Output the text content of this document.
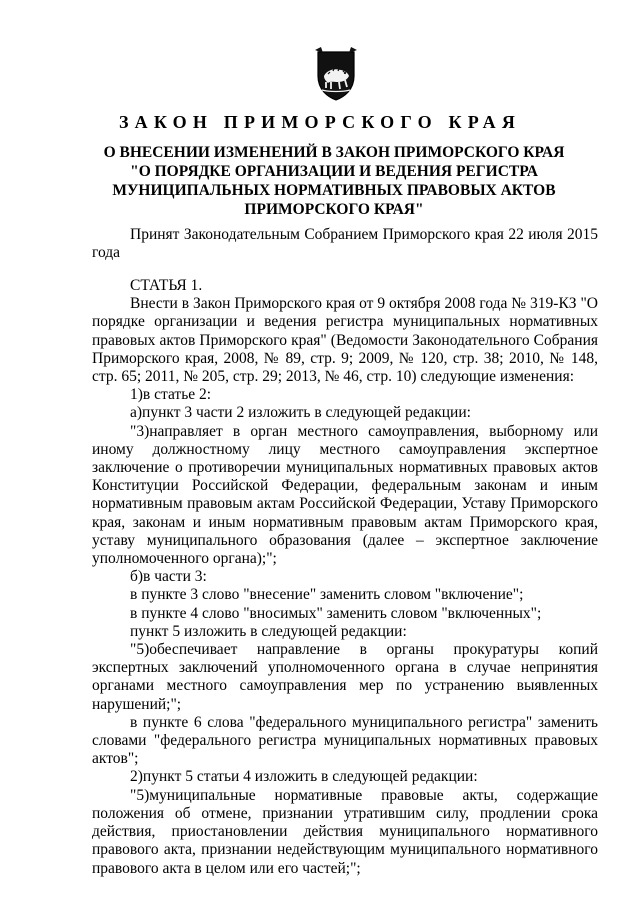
ЗАКОН ПРИМОРСКОГО КРАЯ
О ВНЕСЕНИИ ИЗМЕНЕНИЙ В ЗАКОН ПРИМОРСКОГО КРАЯ "О ПОРЯДКЕ ОРГАНИЗАЦИИ И ВЕДЕНИЯ РЕГИСТРА МУНИЦИПАЛЬНЫХ НОРМАТИВНЫХ ПРАВОВЫХ АКТОВ ПРИМОРСКОГО КРАЯ"

Принят Законодательным Собранием Приморского края 22 июля 2015 года

СТАТЬЯ 1.

Внести в Закон Приморского края от 9 октября 2008 года № 319-КЗ "О порядке организации и ведения регистра муниципальных нормативных правовых актов Приморского края" (Ведомости Законодательного Собрания Приморского края, 2008, № 89, стр. 9; 2009, № 120, стр. 38; 2010, № 148, стр. 65; 2011, № 205, стр. 29; 2013, № 46, стр. 10) следующие изменения:

1)в статье 2:

а)пункт 3 части 2 изложить в следующей редакции:

"3)направляет в орган местного самоуправления, выборному или иному должностному лицу местного самоуправления экспертное заключение о противоречии муниципальных нормативных правовых актов Конституции Российской Федерации, федеральным законам и иным нормативным правовым актам Российской Федерации, Уставу Приморского края, законам и иным нормативным правовым актам Приморского края, уставу муниципального образования (далее – экспертное заключение уполномоченного органа);";

б)в части 3:

в пункте 3 слово "внесение" заменить словом "включение";

в пункте 4 слово "вносимых" заменить словом "включенных";

пункт 5 изложить в следующей редакции:

"5)обеспечивает направление в органы прокуратуры копий экспертных заключений уполномоченного органа в случае непринятия органами местного самоуправления мер по устранению выявленных нарушений;";

в пункте 6 слова "федерального муниципального регистра" заменить словами "федерального регистра муниципальных нормативных правовых актов";

2)пункт 5 статьи 4 изложить в следующей редакции:

"5)муниципальные нормативные правовые акты, содержащие положения об отмене, признании утратившим силу, продлении срока действия, приостановлении действия муниципального нормативного правового акта, признании недействующим муниципального нормативного правового акта в целом или его частей;";
